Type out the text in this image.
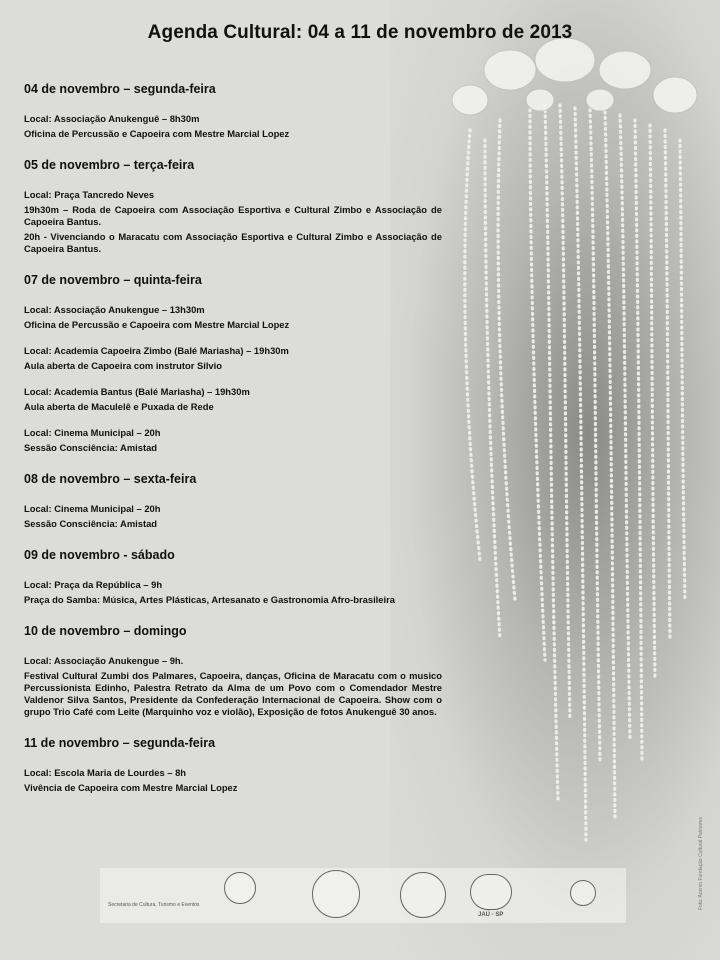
Agenda Cultural: 04 a 11 de novembro de 2013
04 de novembro – segunda-feira

Local: Associação Anukenguê – 8h30m

Oficina de Percussão e Capoeira com Mestre Marcial Lopez

05 de novembro – terça-feira

Local: Praça Tancredo Neves

19h30m – Roda de Capoeira com Associação Esportiva e Cultural Zimbo e Associação de Capoeira Bantus.

20h - Vivenciando o Maracatu com Associação Esportiva e Cultural Zimbo e Associação de Capoeira Bantus.

07 de novembro – quinta-feira

Local: Associação Anukengue – 13h30m

Oficina de Percussão e Capoeira com Mestre Marcial Lopez

Local: Academia Capoeira Zimbo (Balé Mariasha) – 19h30m

Aula aberta de Capoeira com instrutor Silvio

Local: Academia Bantus (Balé Mariasha) – 19h30m

Aula aberta de Maculelê e Puxada de Rede

Local: Cinema Municipal – 20h

Sessão Consciência: Amistad

08 de novembro – sexta-feira

Local: Cinema Municipal – 20h

Sessão Consciência: Amistad

09 de novembro - sábado

Local: Praça da República – 9h

Praça do Samba: Música, Artes Plásticas, Artesanato e Gastronomia Afro-brasileira

10 de novembro – domingo

Local: Associação Anukengue – 9h.

Festival Cultural Zumbi dos Palmares, Capoeira, danças, Oficina de Maracatu com o musico Percussionista Edinho, Palestra Retrato da Alma de um Povo com o Comendador Mestre Valdenor Silva Santos, Presidente da Confederação Internacional de Capoeira. Show com o grupo Trio Café com Leite (Marquinho voz e violão), Exposição de fotos Anukenguê 30 anos.

11 de novembro – segunda-feira

Local: Escola Maria de Lourdes – 8h

Vivência de Capoeira com Mestre Marcial Lopez

Secretaria de Cultura, Turismo e Eventos
JAÚ - SP
Foto: Acervo Fundação Cultural Palmares
